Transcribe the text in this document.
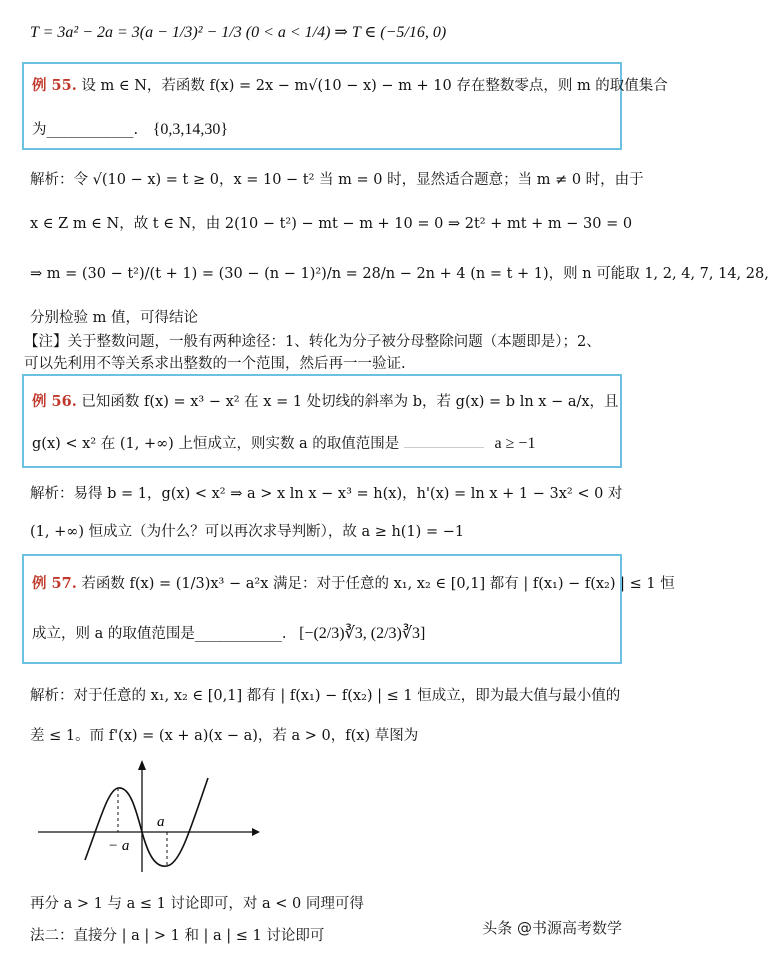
T = 3a² − 2a = 3(a − 1/3)² − 1/3 (0 < a < 1/4) ⇒ T ∈ (−5/16, 0)
例 55. 设 m ∈ N，若函数 f(x) = 2x − m√(10 − x) − m + 10 存在整数零点，则 m 的取值集合
为____________. {0,3,14,30}
解析：令 √(10 − x) = t ≥ 0，x = 10 − t² 当 m = 0 时，显然适合题意；当 m ≠ 0 时，由于
x ∈ Z m ∈ N，故 t ∈ N，由 2(10 − t²) − mt − m + 10 = 0 ⇒ 2t² + mt + m − 30 = 0
⇒ m = (30 − t²)/(t + 1) = (30 − (n − 1)²)/n = 28/n − 2n + 4 (n = t + 1)，则 n 可能取 1, 2, 4, 7, 14, 28,
分别检验 m 值，可得结论
【注】关于整数问题，一般有两种途径：1、转化为分子被分母整除问题（本题即是）；2、
可以先利用不等关系求出整数的一个范围，然后再一一验证.
例 56. 已知函数 f(x) = x³ − x² 在 x = 1 处切线的斜率为 b，若 g(x) = b ln x − a/x，且
g(x) < x² 在 (1, +∞) 上恒成立，则实数 a 的取值范围是	a ≥ −1
解析：易得 b = 1，g(x) < x² ⇒ a > x ln x − x³ = h(x)，h'(x) = ln x + 1 − 3x² < 0 对
(1, +∞) 恒成立（为什么？可以再次求导判断），故 a ≥ h(1) = −1
例 57. 若函数 f(x) = (1/3)x³ − a²x 满足：对于任意的 x₁, x₂ ∈ [0,1] 都有 | f(x₁) − f(x₂) | ≤ 1 恒
成立，则 a 的取值范围是____________. [−(2/3)∛3, (2/3)∛3]
解析：对于任意的 x₁, x₂ ∈ [0,1] 都有 | f(x₁) − f(x₂) | ≤ 1 恒成立，即为最大值与最小值的
差 ≤ 1。而 f'(x) = (x + a)(x − a)，若 a > 0，f(x) 草图为
− a
a
再分 a > 1 与 a ≤ 1 讨论即可，对 a < 0 同理可得
法二：直接分 | a | > 1 和 | a | ≤ 1 讨论即可	头条 @书源高考数学
